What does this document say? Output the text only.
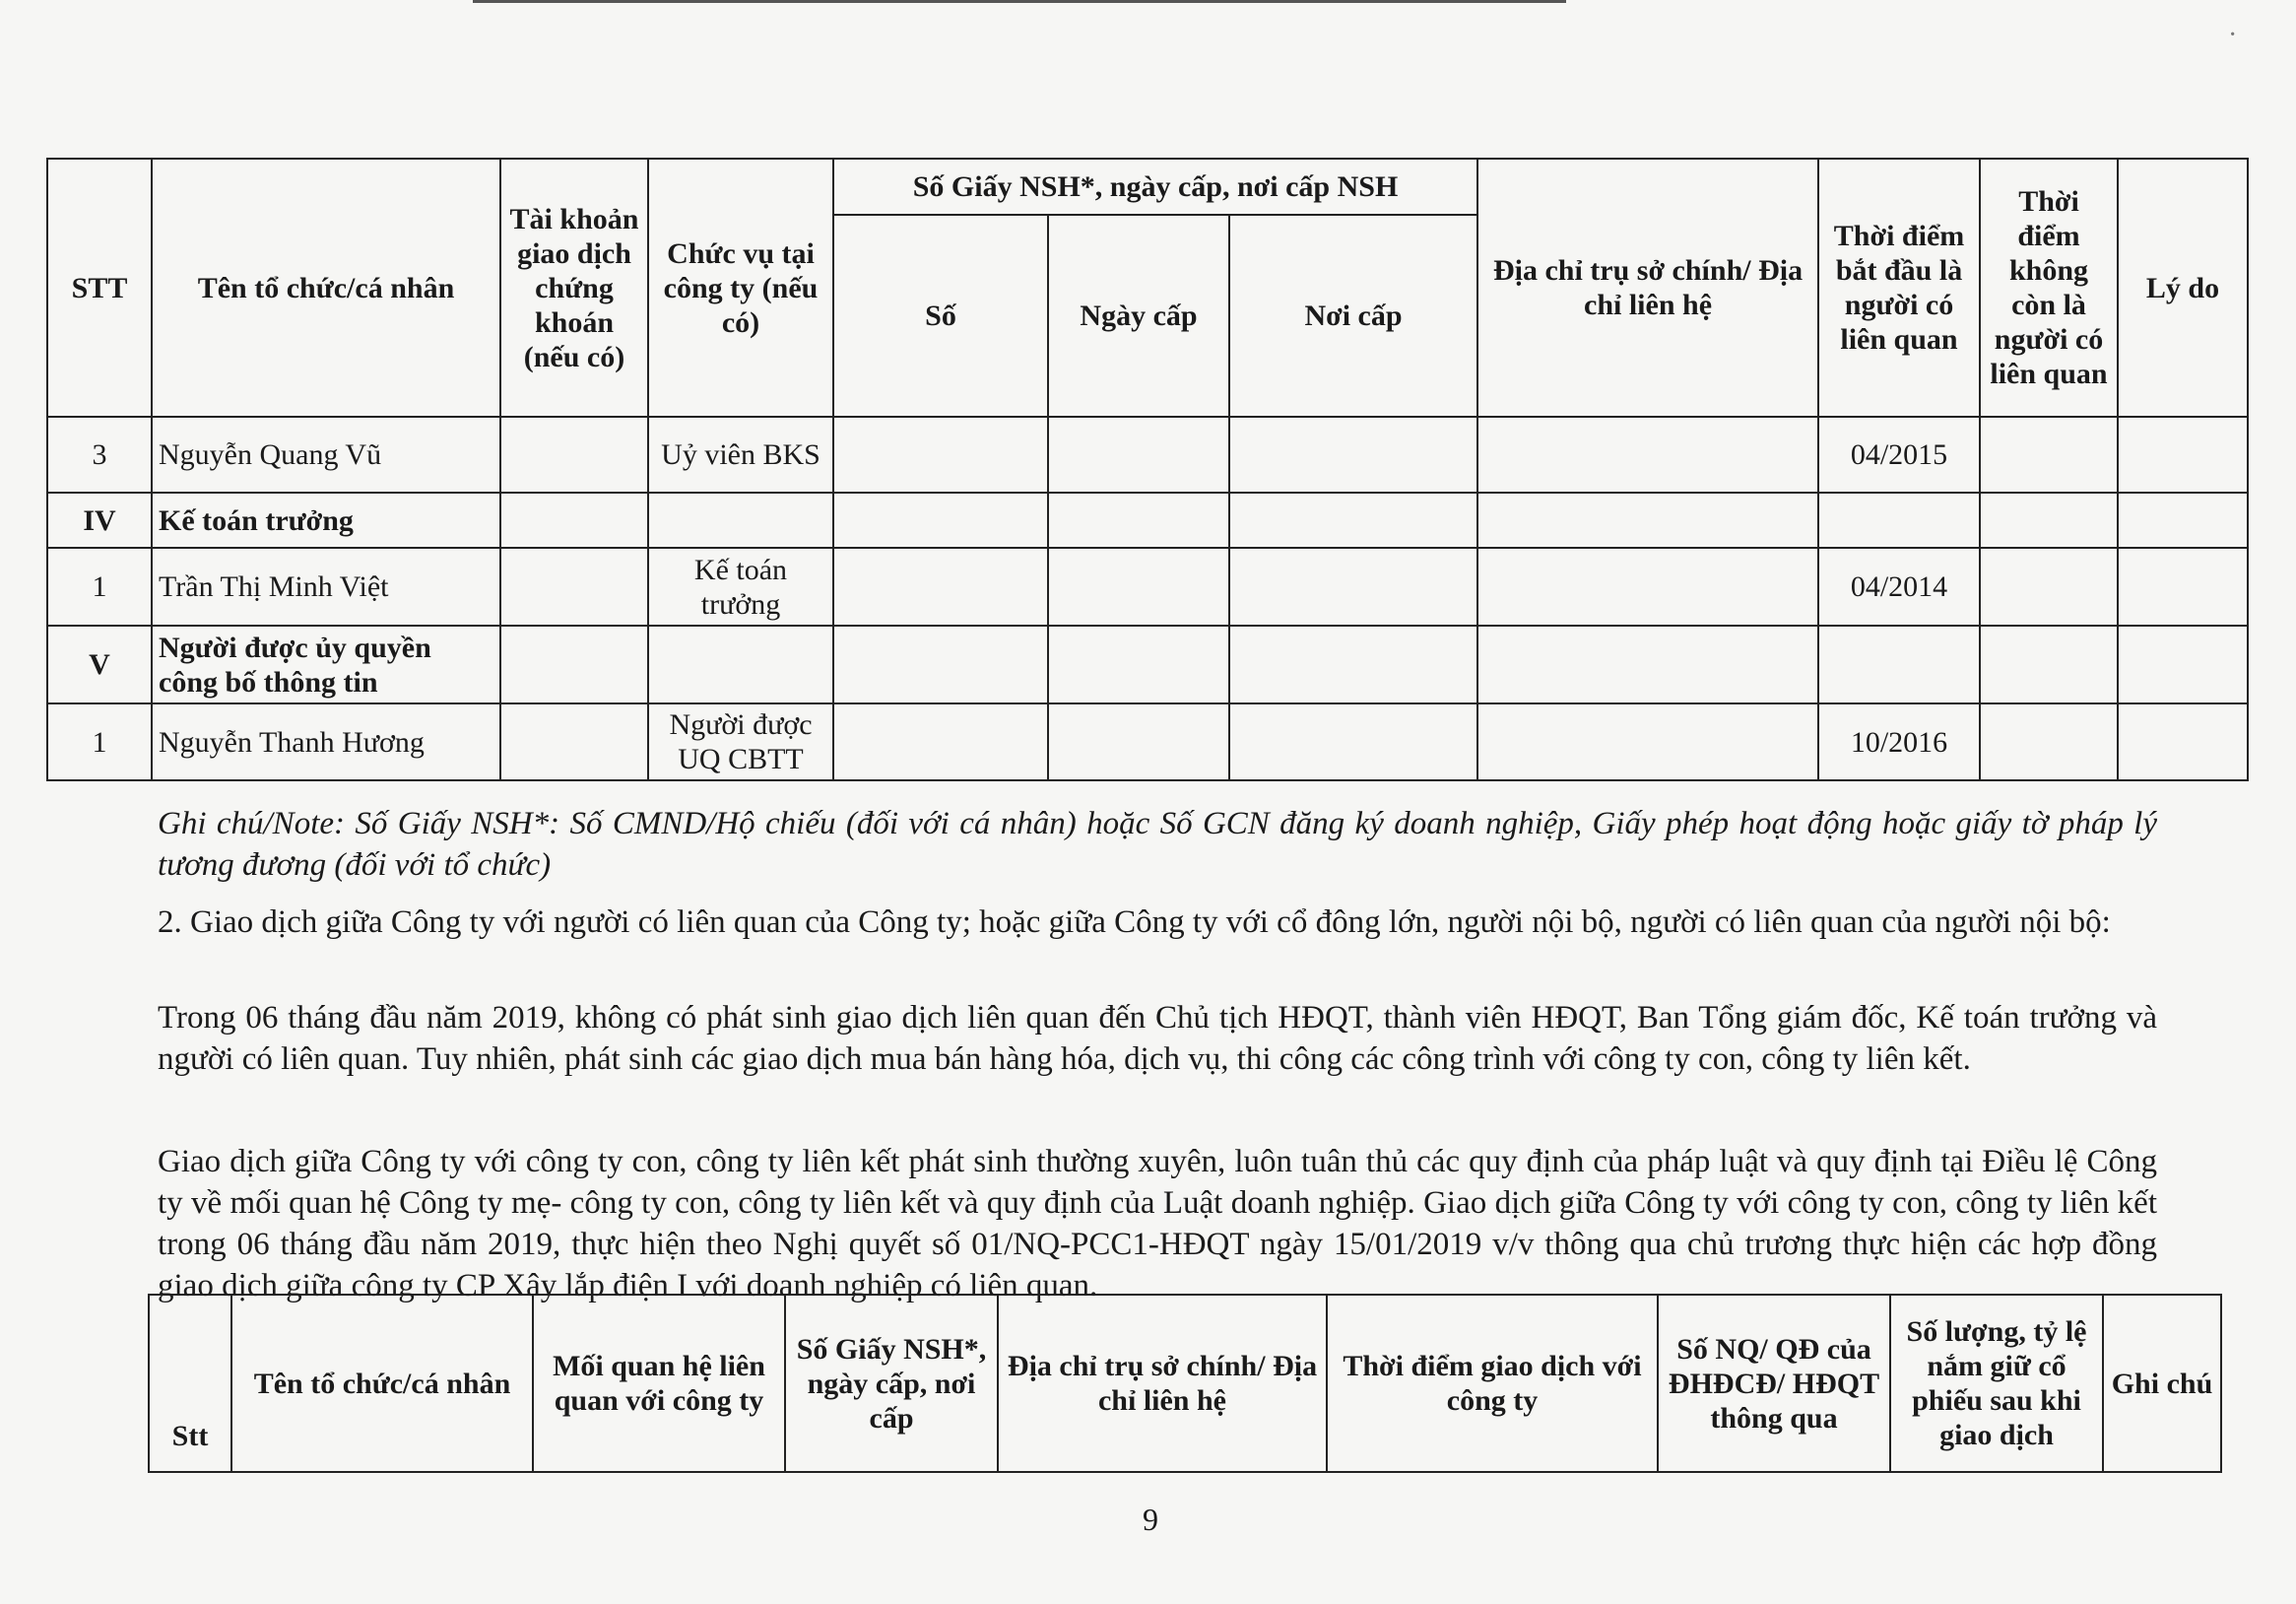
·
STT	Tên tổ chức/cá nhân	Tài khoản giao dịch chứng khoán (nếu có)	Chức vụ tại công ty (nếu có)	Số Giấy NSH*, ngày cấp, nơi cấp NSH			Địa chỉ trụ sở chính/ Địa chỉ liên hệ	Thời điểm bắt đầu là người có liên quan	Thời điểm không còn là người có liên quan	Lý do
				Số	Ngày cấp	Nơi cấp				
3	Nguyễn Quang Vũ		Uỷ viên BKS					04/2015		
IV	Kế toán trưởng									
1	Trần Thị Minh Việt		Kế toán trưởng					04/2014		
V	Người được ủy quyền công bố thông tin									
1	Nguyễn Thanh Hương		Người được UQ CBTT					10/2016		
Ghi chú/Note: Số Giấy NSH*: Số CMND/Hộ chiếu (đối với cá nhân) hoặc Số GCN đăng ký doanh nghiệp, Giấy phép hoạt động hoặc giấy tờ pháp lý tương đương (đối với tổ chức)
2. Giao dịch giữa Công ty với người có liên quan của Công ty; hoặc giữa Công ty với cổ đông lớn, người nội bộ, người có liên quan của người nội bộ:
Trong 06 tháng đầu năm 2019, không có phát sinh giao dịch liên quan đến Chủ tịch HĐQT, thành viên HĐQT, Ban Tổng giám đốc, Kế toán trưởng và người có liên quan. Tuy nhiên, phát sinh các giao dịch mua bán hàng hóa, dịch vụ, thi công các công trình với công ty con, công ty liên kết.
Giao dịch giữa Công ty với công ty con, công ty liên kết phát sinh thường xuyên, luôn tuân thủ các quy định của pháp luật và quy định tại Điều lệ Công ty về mối quan hệ Công ty mẹ- công ty con, công ty liên kết và quy định của Luật doanh nghiệp. Giao dịch giữa Công ty với công ty con, công ty liên kết trong 06 tháng đầu năm 2019, thực hiện theo Nghị quyết số 01/NQ-PCC1-HĐQT ngày 15/01/2019 v/v thông qua chủ trương thực hiện các hợp đồng giao dịch giữa công ty CP Xây lắp điện I với doanh nghiệp có liên quan.
Stt	Tên tổ chức/cá nhân	Mối quan hệ liên quan với công ty	Số Giấy NSH*, ngày cấp, nơi cấp	Địa chỉ trụ sở chính/ Địa chỉ liên hệ	Thời điểm giao dịch với công ty	Số NQ/ QĐ của ĐHĐCĐ/ HĐQT thông qua	Số lượng, tỷ lệ nắm giữ cổ phiếu sau khi giao dịch	Ghi chú
9
